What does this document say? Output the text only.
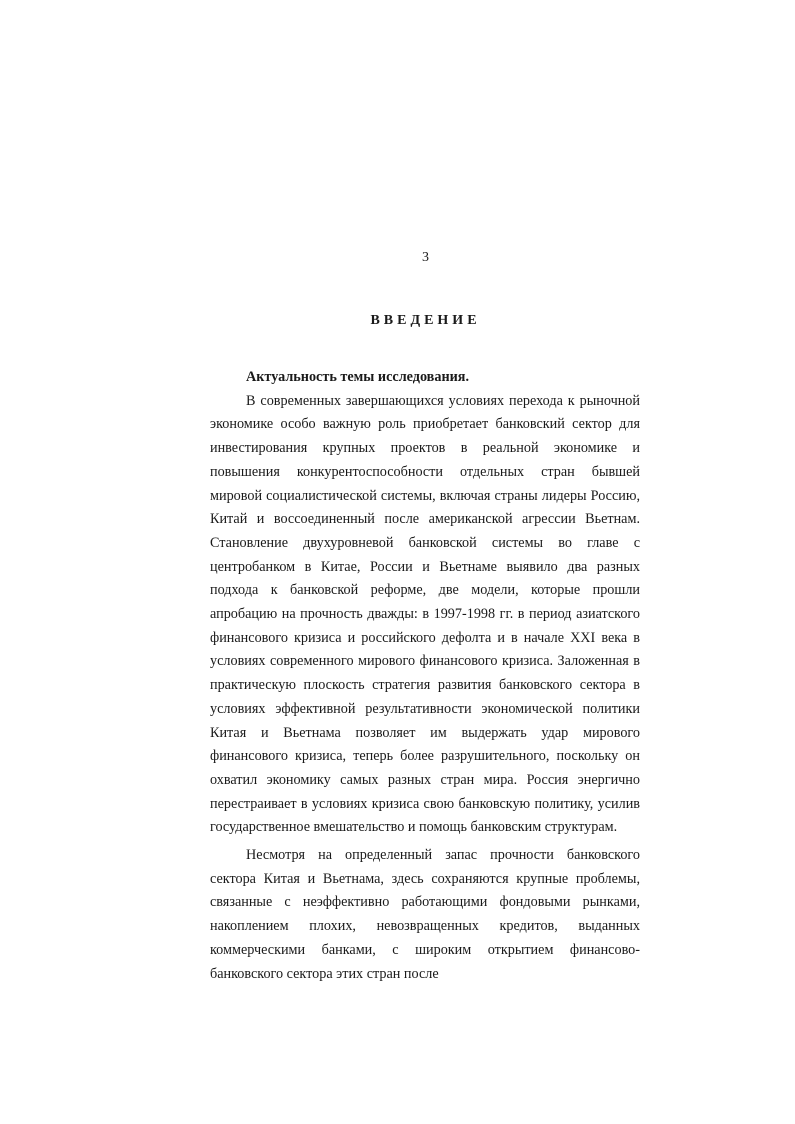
3
ВВЕДЕНИЕ

Актуальность темы исследования.

В современных завершающихся условиях перехода к рыночной экономике особо важную роль приобретает банковский сектор для инвестирования крупных проектов в реальной экономике и повышения конкурентоспособности отдельных стран бывшей мировой социалистической системы, включая страны лидеры Россию, Китай и воссоединенный после американской агрессии Вьетнам. Становление двухуровневой банковской системы во главе с центробанком в Китае, России и Вьетнаме выявило два разных подхода к банковской реформе, две модели, которые прошли апробацию на прочность дважды: в 1997-1998 гг. в период азиатского финансового кризиса и российского дефолта и в начале XXI века в условиях современного мирового финансового кризиса. Заложенная в практическую плоскость стратегия развития банковского сектора в условиях эффективной результативности экономической политики Китая и Вьетнама позволяет им выдержать удар мирового финансового кризиса, теперь более разрушительного, поскольку он охватил экономику самых разных стран мира. Россия энергично перестраивает в условиях кризиса свою банковскую политику, усилив государственное вмешательство и помощь банковским структурам.

Несмотря на определенный запас прочности банковского сектора Китая и Вьетнама, здесь сохраняются крупные проблемы, связанные с неэффективно работающими фондовыми рынками, накоплением плохих, невозвращенных кредитов, выданных коммерческими банками, с широким открытием финансово-банковского сектора этих стран после
